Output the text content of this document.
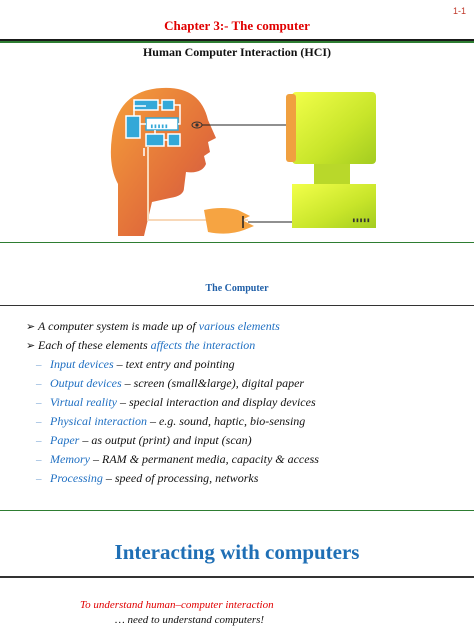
1-1
Chapter 3:- The computer
Human Computer Interaction (HCI)
▮▮▮▮▮
▮▮▮▮▮
The Computer
➢ A computer system is made up of various elements
➢ Each of these elements affects the interaction
– Input devices – text entry and pointing
– Output devices – screen (small&large), digital paper
– Virtual reality – special interaction and display devices
– Physical interaction – e.g. sound, haptic, bio-sensing
– Paper – as output (print) and input (scan)
– Memory – RAM & permanent media, capacity & access
– Processing – speed of processing, networks
Interacting with computers
To understand human–computer interaction
… need to understand computers!
